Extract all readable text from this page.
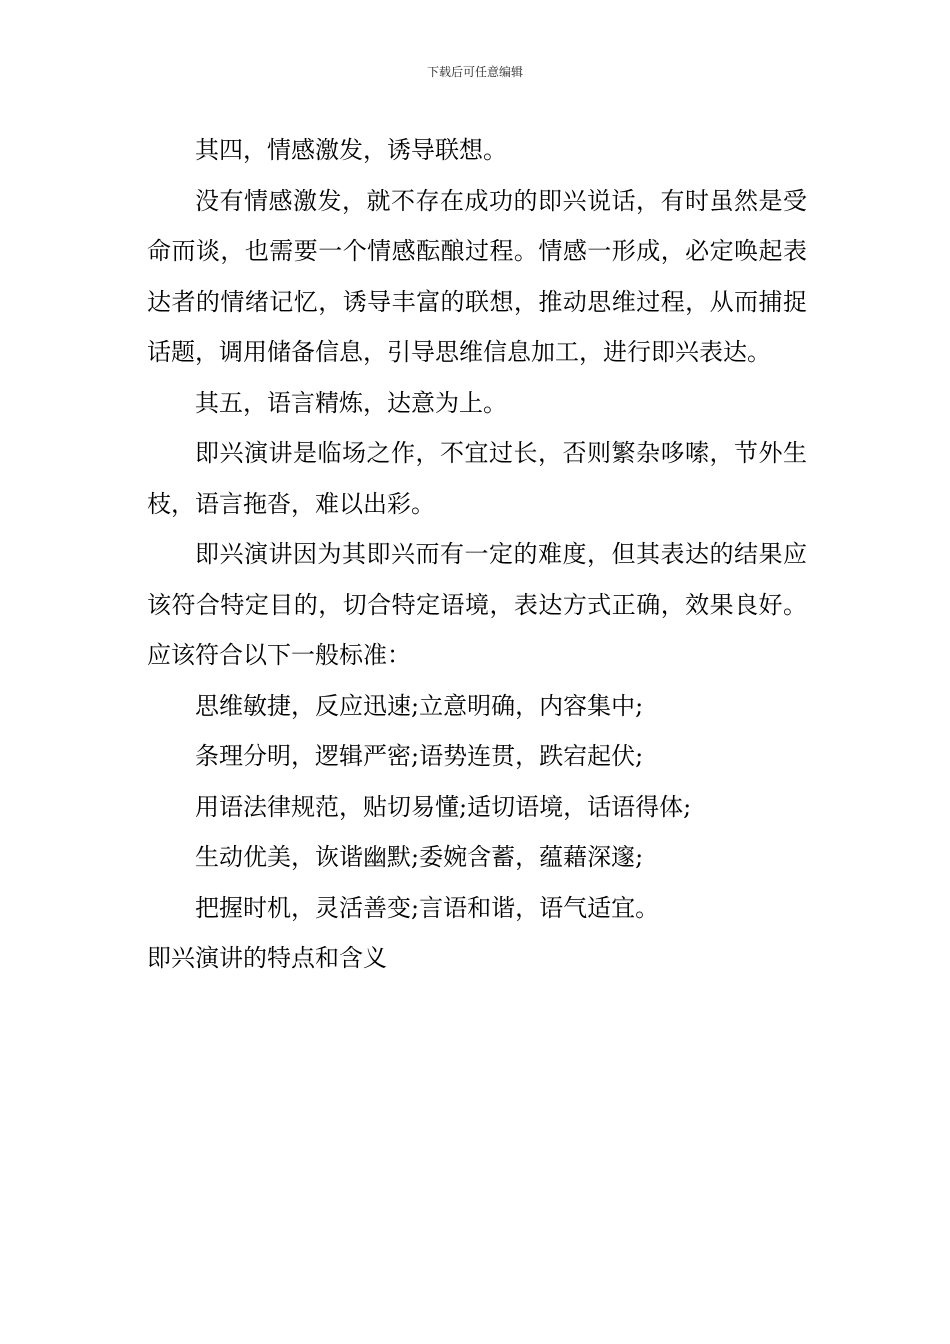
下载后可任意编辑

其四，情感激发，诱导联想。

没有情感激发，就不存在成功的即兴说话，有时虽然是受命而谈，也需要一个情感酝酿过程。情感一形成，必定唤起表达者的情绪记忆，诱导丰富的联想，推动思维过程，从而捕捉话题，调用储备信息，引导思维信息加工，进行即兴表达。

其五，语言精炼，达意为上。

即兴演讲是临场之作，不宜过长，否则繁杂哆嗦，节外生枝，语言拖沓，难以出彩。

即兴演讲因为其即兴而有一定的难度，但其表达的结果应该符合特定目的，切合特定语境，表达方式正确，效果良好。应该符合以下一般标准：

思维敏捷，反应迅速;立意明确，内容集中;

条理分明，逻辑严密;语势连贯，跌宕起伏;

用语法律规范，贴切易懂;适切语境，话语得体;

生动优美，诙谐幽默;委婉含蓄，蕴藉深邃;

把握时机，灵活善变;言语和谐，语气适宜。

即兴演讲的特点和含义
